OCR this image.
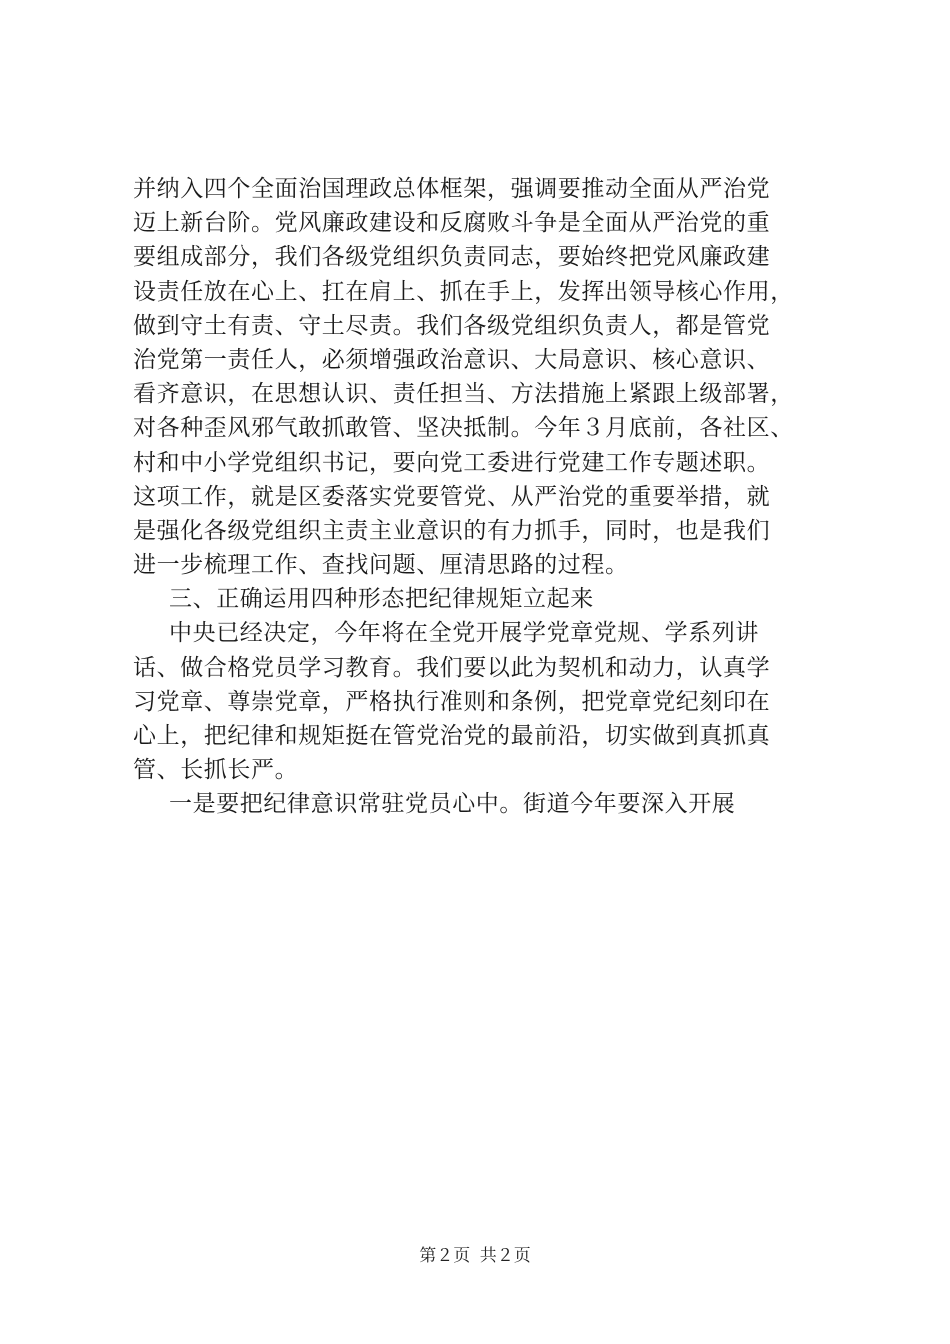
并纳入四个全面治国理政总体框架，强调要推动全面从严治党
迈上新台阶。党风廉政建设和反腐败斗争是全面从严治党的重
要组成部分，我们各级党组织负责同志，要始终把党风廉政建
设责任放在心上、扛在肩上、抓在手上，发挥出领导核心作用，
做到守土有责、守土尽责。我们各级党组织负责人，都是管党
治党第一责任人，必须增强政治意识、大局意识、核心意识、
看齐意识，在思想认识、责任担当、方法措施上紧跟上级部署，
对各种歪风邪气敢抓敢管、坚决抵制。今年３月底前，各社区、
村和中小学党组织书记，要向党工委进行党建工作专题述职。
这项工作，就是区委落实党要管党、从严治党的重要举措，就
是强化各级党组织主责主业意识的有力抓手，同时，也是我们
进一步梳理工作、查找问题、厘清思路的过程。
三、正确运用四种形态把纪律规矩立起来
中央已经决定，今年将在全党开展学党章党规、学系列讲
话、做合格党员学习教育。我们要以此为契机和动力，认真学
习党章、尊崇党章，严格执行准则和条例，把党章党纪刻印在
心上，把纪律和规矩挺在管党治党的最前沿，切实做到真抓真
管、长抓长严。
一是要把纪律意识常驻党员心中。街道今年要深入开展
第２页 共２页
